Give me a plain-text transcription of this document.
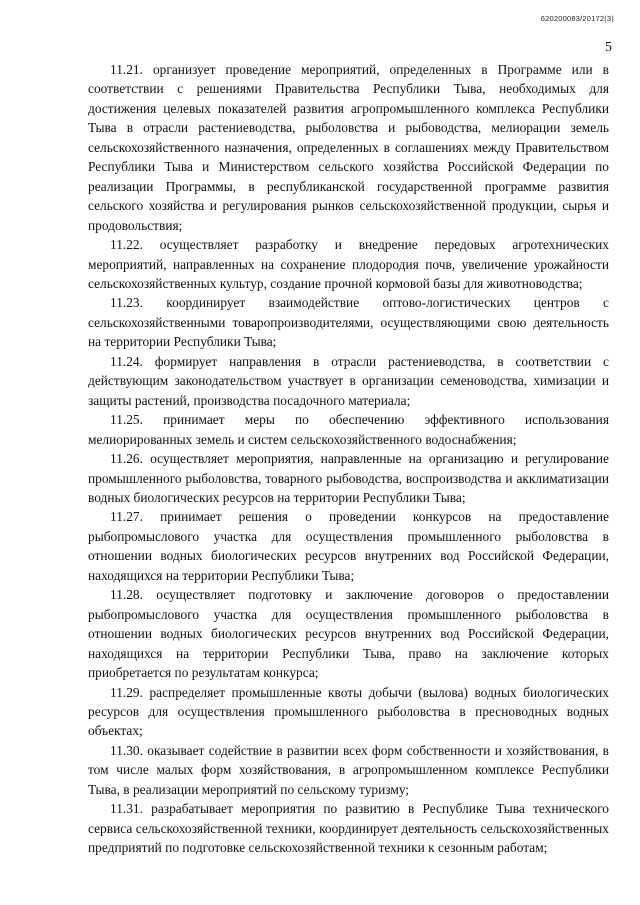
620200083/20172(3)
5

11.21. организует проведение мероприятий, определенных в Программе или в соответствии с решениями Правительства Республики Тыва, необходимых для достижения целевых показателей развития агропромышленного комплекса Республики Тыва в отрасли растениеводства, рыболовства и рыбоводства, мелиорации земель сельскохозяйственного назначения, определенных в соглашениях между Правительством Республики Тыва и Министерством сельского хозяйства Российской Федерации по реализации Программы, в республиканской государственной программе развития сельского хозяйства и регулирования рынков сельскохозяйственной продукции, сырья и продовольствия;

11.22. осуществляет разработку и внедрение передовых агротехнических мероприятий, направленных на сохранение плодородия почв, увеличение урожайности сельскохозяйственных культур, создание прочной кормовой базы для животноводства;

11.23. координирует взаимодействие оптово-логистических центров с сельскохозяйственными товаропроизводителями, осуществляющими свою деятельность на территории Республики Тыва;

11.24. формирует направления в отрасли растениеводства, в соответствии с действующим законодательством участвует в организации семеноводства, химизации и защиты растений, производства посадочного материала;

11.25. принимает меры по обеспечению эффективного использования мелиорированных земель и систем сельскохозяйственного водоснабжения;

11.26. осуществляет мероприятия, направленные на организацию и регулирование промышленного рыболовства, товарного рыбоводства, воспроизводства и акклиматизации водных биологических ресурсов на территории Республики Тыва;

11.27. принимает решения о проведении конкурсов на предоставление рыбопромыслового участка для осуществления промышленного рыболовства в отношении водных биологических ресурсов внутренних вод Российской Федерации, находящихся на территории Республики Тыва;

11.28. осуществляет подготовку и заключение договоров о предоставлении рыбопромыслового участка для осуществления промышленного рыболовства в отношении водных биологических ресурсов внутренних вод Российской Федерации, находящихся на территории Республики Тыва, право на заключение которых приобретается по результатам конкурса;

11.29. распределяет промышленные квоты добычи (вылова) водных биологических ресурсов для осуществления промышленного рыболовства в пресноводных водных объектах;

11.30. оказывает содействие в развитии всех форм собственности и хозяйствования, в том числе малых форм хозяйствования, в агропромышленном комплексе Республики Тыва, в реализации мероприятий по сельскому туризму;

11.31. разрабатывает мероприятия по развитию в Республике Тыва технического сервиса сельскохозяйственной техники, координирует деятельность сельскохозяйственных предприятий по подготовке сельскохозяйственной техники к сезонным работам;
